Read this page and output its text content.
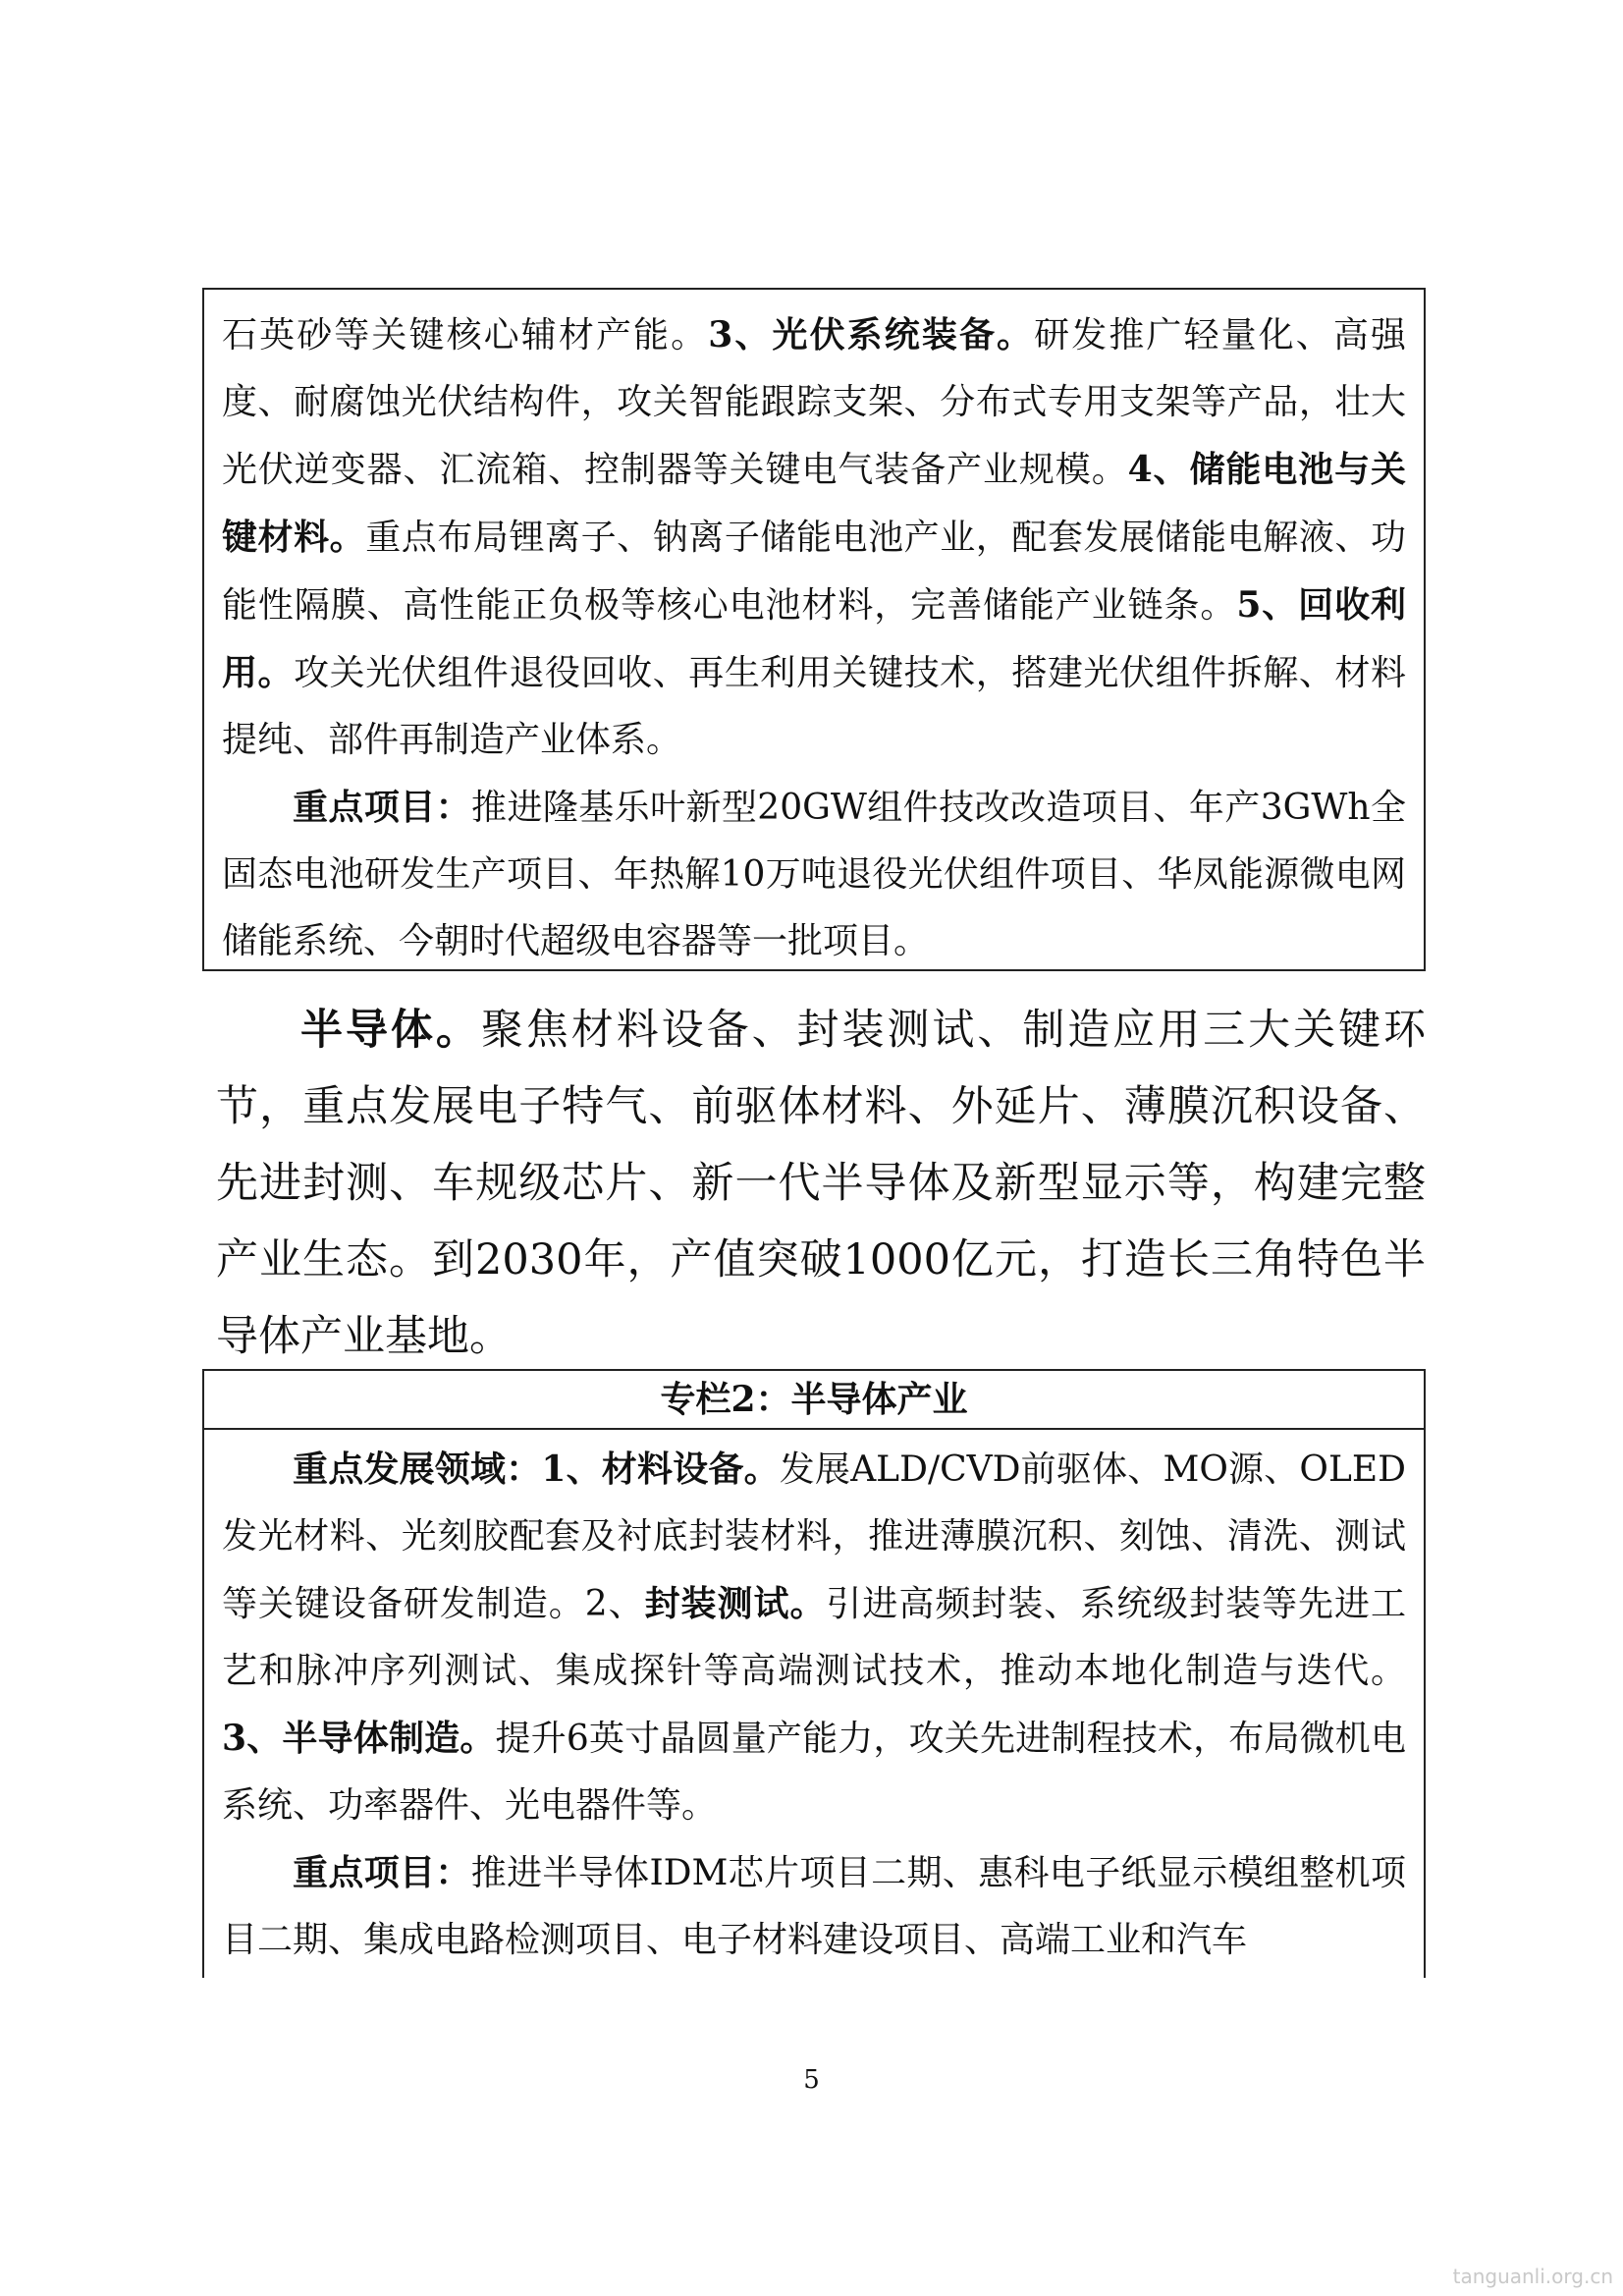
石英砂等关键核心辅材产能。3、光伏系统装备。研发推广轻量化、高强度、耐腐蚀光伏结构件，攻关智能跟踪支架、分布式专用支架等产品，壮大光伏逆变器、汇流箱、控制器等关键电气装备产业规模。4、储能电池与关键材料。重点布局锂离子、钠离子储能电池产业，配套发展储能电解液、功能性隔膜、高性能正负极等核心电池材料，完善储能产业链条。5、回收利用。攻关光伏组件退役回收、再生利用关键技术，搭建光伏组件拆解、材料提纯、部件再制造产业体系。

重点项目：推进隆基乐叶新型20GW组件技改改造项目、年产3GWh全固态电池研发生产项目、年热解10万吨退役光伏组件项目、华凤能源微电网储能系统、今朝时代超级电容器等一批项目。

半导体。聚焦材料设备、封装测试、制造应用三大关键环节，重点发展电子特气、前驱体材料、外延片、薄膜沉积设备、先进封测、车规级芯片、新一代半导体及新型显示等，构建完整产业生态。到2030年，产值突破1000亿元，打造长三角特色半导体产业基地。

专栏2：半导体产业

重点发展领域：1、材料设备。发展ALD/CVD前驱体、MO源、OLED发光材料、光刻胶配套及衬底封装材料，推进薄膜沉积、刻蚀、清洗、测试等关键设备研发制造。2、封装测试。引进高频封装、系统级封装等先进工艺和脉冲序列测试、集成探针等高端测试技术，推动本地化制造与迭代。3、半导体制造。提升6英寸晶圆量产能力，攻关先进制程技术，布局微机电系统、功率器件、光电器件等。

重点项目：推进半导体IDM芯片项目二期、惠科电子纸显示模组整机项目二期、集成电路检测项目、电子材料建设项目、高端工业和汽车

5
tanguanli.org.cn
